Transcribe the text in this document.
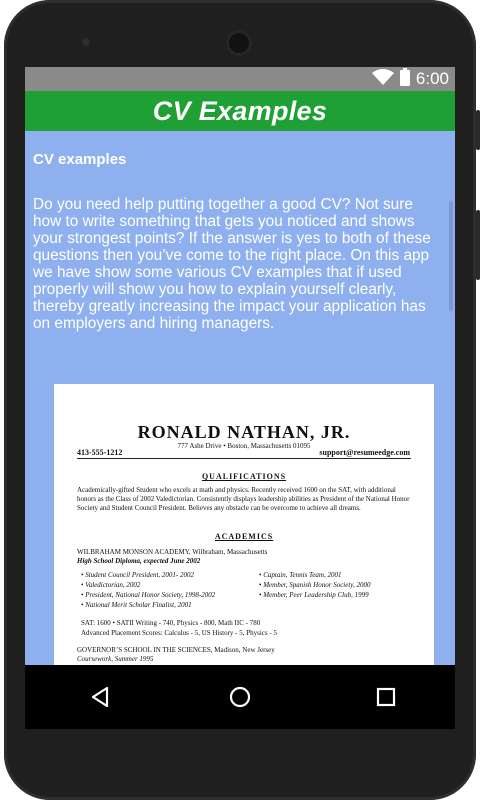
6:00
CV Examples
CV examples
Do you need help putting together a good CV? Not sure how to write something that gets you noticed and shows your strongest points? If the answer is yes to both of these questions then you’ve come to the right place. On this app we have show some various CV examples that if used properly will show you how to explain yourself clearly, thereby greatly increasing the impact your application has on employers and hiring managers.
RONALD NATHAN, JR.
777 Ashe Drive • Boston, Massachusetts 01095
413-555-1212	support@resumeedge.com
QUALIFICATIONS
Academically-gifted Student who excels at math and physics. Recently received 1600 on the SAT, with additional honors as the Class of 2002 Valedictorian. Consistently displays leadership abilities as President of the National Honor Society and Student Council President. Believes any obstacle can be overcome to achieve all dreams.
ACADEMICS
WILBRAHAM MONSON ACADEMY, Wilbraham, Massachusetts
High School Diploma, expected June 2002
• Student Council President, 2001- 2002
• Valedictorian, 2002
• President, National Honor Society, 1998-2002
• National Merit Scholar Finalist, 2001
• Captain, Tennis Team, 2001
• Member, Spanish Honor Society, 2000
• Member, Peer Leadership Club, 1999
SAT: 1600 • SATII Writing - 740, Physics - 800, Math IIC - 780
Advanced Placement Scores: Calculus - 5, US History - 5, Physics - 5
GOVERNOR’S SCHOOL IN THE SCIENCES, Madison, New Jersey
Coursework, Summer 1995
